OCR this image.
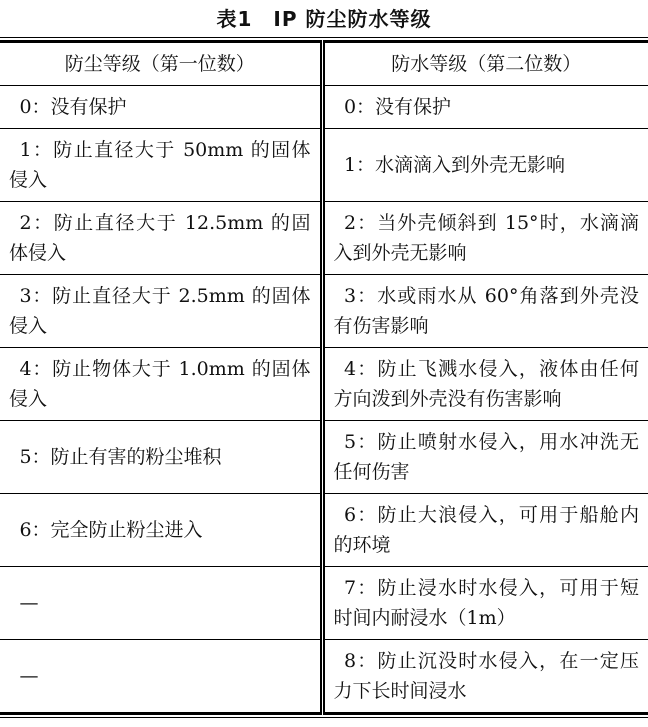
表1　IP 防尘防水等级
防尘等级（第一位数）	防水等级（第二位数）
0：没有保护	0：没有保护
1：防止直径大于 50mm 的固体侵入	1：水滴滴入到外壳无影响
2：防止直径大于 12.5mm 的固体侵入	2：当外壳倾斜到 15°时，水滴滴入到外壳无影响
3：防止直径大于 2.5mm 的固体侵入	3：水或雨水从 60°角落到外壳没有伤害影响
4：防止物体大于 1.0mm 的固体侵入	4：防止飞溅水侵入，液体由任何方向泼到外壳没有伤害影响
5：防止有害的粉尘堆积	5：防止喷射水侵入，用水冲洗无任何伤害
6：完全防止粉尘进入	6：防止大浪侵入，可用于船舱内的环境
—	7：防止浸水时水侵入，可用于短时间内耐浸水（1m）
—	8：防止沉没时水侵入，在一定压力下长时间浸水
